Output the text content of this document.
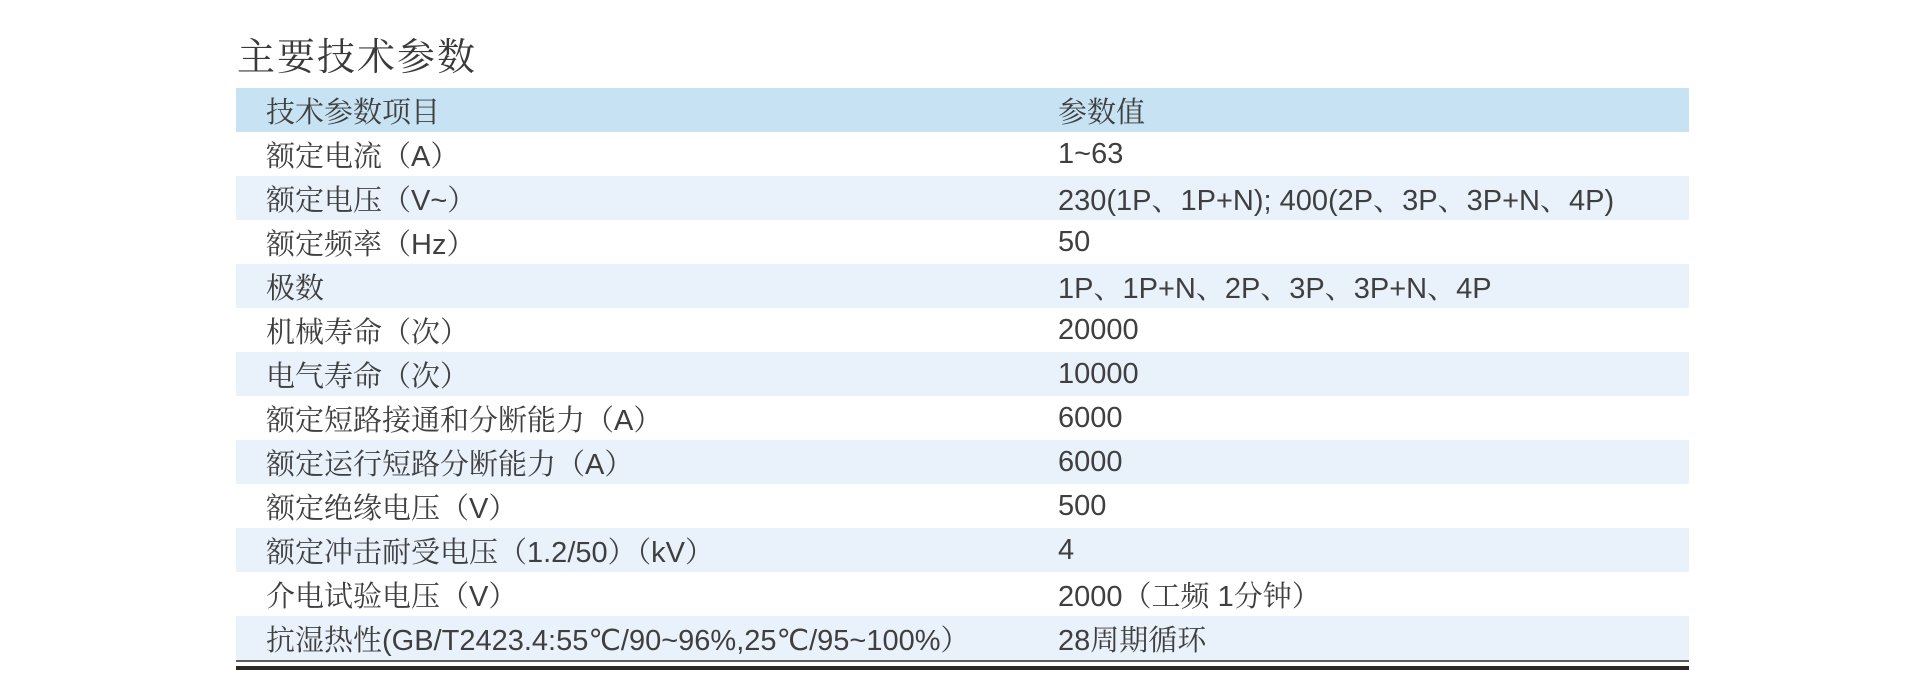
主要技术参数
技术参数项目	参数值
额定电流（A）	1~63
额定电压（V~）	230(1P、1P+N); 400(2P、3P、3P+N、4P)
额定频率（Hz）	50
极数	1P、1P+N、2P、3P、3P+N、4P
机械寿命（次）	20000
电气寿命（次）	10000
额定短路接通和分断能力（A）	6000
额定运行短路分断能力（A）	6000
额定绝缘电压（V）	500
额定冲击耐受电压（1.2/50）（kV）	4
介电试验电压（V）	2000（工频 1分钟）
抗湿热性(GB/T2423.4:55℃/90~96%,25℃/95~100%）	28周期循环
